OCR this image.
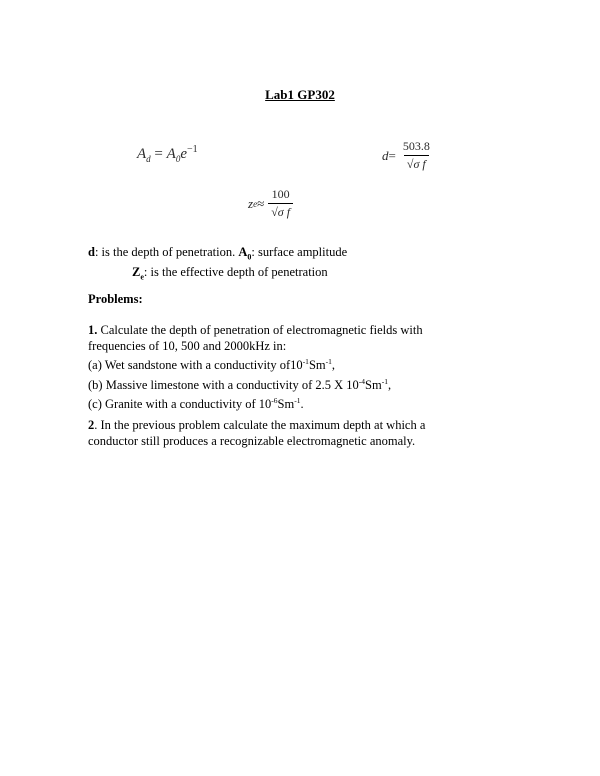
Lab1 GP302
$A_d = A_0e^{-1}$	$d = \frac{503.8}{\text{√σ f}}$
z $e \approx \frac{100}{\text{√σ f}}$
d: is the depth of penetration. $A_0$: surface amplitude
$Z_e$: is the effective depth of penetration
Problems:
1. Calculate the depth of penetration of electromagnetic fields with
frequencies of 10, 500 and 2000kHz in:
(a) Wet sandstone with a conductivity $of10^{-1}Sm^{-1}$,
(b) Massive limestone with a conductivity of 2.5 X $10^{-4}Sm^{-1}$,
(c) Granite with a conductivity of $10^{-6}Sm^{-1}$.
2. In the previous problem calculate the maximum depth at which a
conductor still produces a recognizable electromagnetic anomaly.
